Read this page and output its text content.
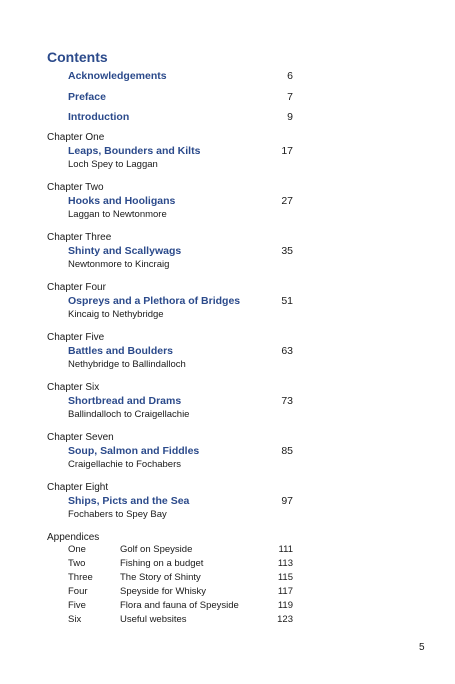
Contents
Acknowledgements	6
Preface	7
Introduction	9
Chapter One
Leaps, Bounders and Kilts	17
Loch Spey to Laggan
Chapter Two
Hooks and Hooligans	27
Laggan to Newtonmore
Chapter Three
Shinty and Scallywags	35
Newtonmore to Kincraig
Chapter Four
Ospreys and a Plethora of Bridges	51
Kincaig to Nethybridge
Chapter Five
Battles and Boulders	63
Nethybridge to Ballindalloch
Chapter Six
Shortbread and Drams	73
Ballindalloch to Craigellachie
Chapter Seven
Soup, Salmon and Fiddles	85
Craigellachie to Fochabers
Chapter Eight
Ships, Picts and the Sea	97
Fochabers to Spey Bay
Appendices
One	Golf on Speyside	111
Two	Fishing on a budget	113
Three	The Story of Shinty	115
Four	Speyside for Whisky	117
Five	Flora and fauna of Speyside	119
Six	Useful websites	123
5
